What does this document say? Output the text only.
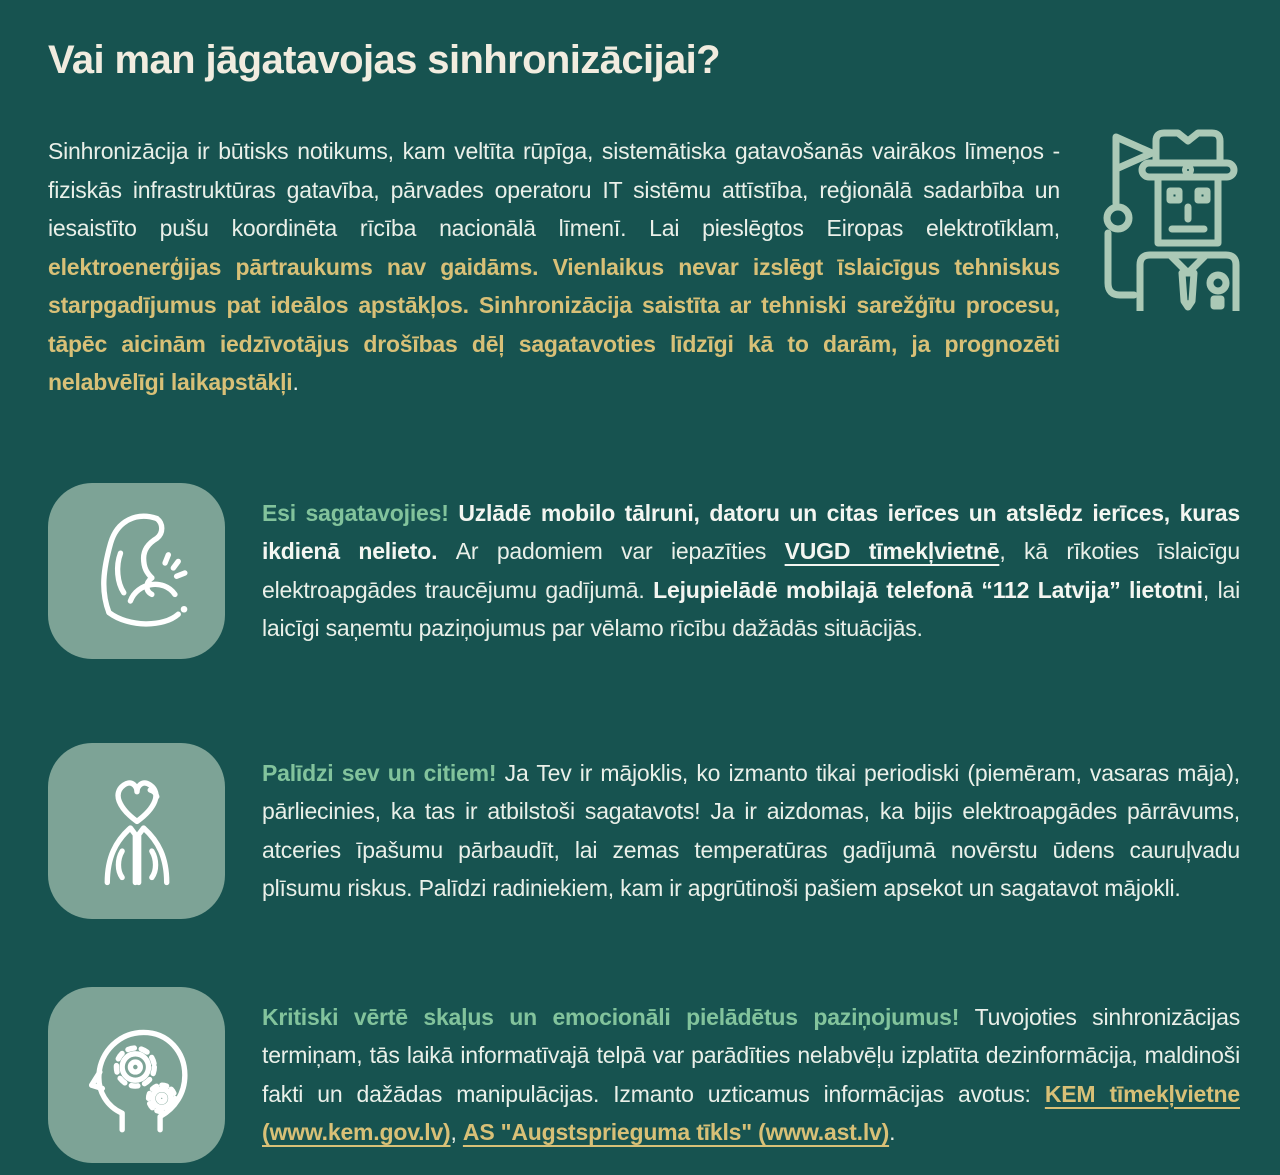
Vai man jāgatavojas sinhronizācijai?

Sinhronizācija ir būtisks notikums, kam veltīta rūpīga, sistemātiska gatavošanās vairākos līmeņos - fiziskās infrastruktūras gatavība, pārvades operatoru IT sistēmu attīstība, reģionālā sadarbība un iesaistīto pušu koordinēta rīcība nacionālā līmenī. Lai pieslēgtos Eiropas elektrotīklam, elektroenerģijas pārtraukums nav gaidāms. Vienlaikus nevar izslēgt īslaicīgus tehniskus starpgadījumus pat ideālos apstākļos. Sinhronizācija saistīta ar tehniski sarežģītu procesu, tāpēc aicinām iedzīvotājus drošības dēļ sagatavoties līdzīgi kā to darām, ja prognozēti nelabvēlīgi laikapstākļi.

Esi sagatavojies! Uzlādē mobilo tālruni, datoru un citas ierīces un atslēdz ierīces, kuras ikdienā nelieto. Ar padomiem var iepazīties VUGD tīmekļvietnē, kā rīkoties īslaicīgu elektroapgādes traucējumu gadījumā. Lejupielādē mobilajā telefonā “112 Latvija” lietotni, lai laicīgi saņemtu paziņojumus par vēlamo rīcību dažādās situācijās.

Palīdzi sev un citiem! Ja Tev ir mājoklis, ko izmanto tikai periodiski (piemēram, vasaras māja), pārliecinies, ka tas ir atbilstoši sagatavots! Ja ir aizdomas, ka bijis elektroapgādes pārrāvums, atceries īpašumu pārbaudīt, lai zemas temperatūras gadījumā novērstu ūdens cauruļvadu plīsumu riskus. Palīdzi radiniekiem, kam ir apgrūtinoši pašiem apsekot un sagatavot mājokli.

Kritiski vērtē skaļus un emocionāli pielādētus paziņojumus! Tuvojoties sinhronizācijas termiņam, tās laikā informatīvajā telpā var parādīties nelabvēļu izplatīta dezinformācija, maldinoši fakti un dažādas manipulācijas. Izmanto uzticamus informācijas avotus: KEM tīmekļvietne (www.kem.gov.lv), AS "Augstsprieguma tīkls" (www.ast.lv).
